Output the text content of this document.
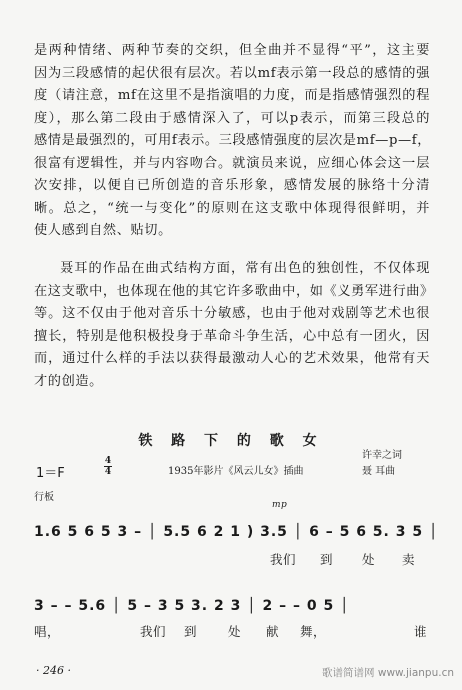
是两种情绪、两种节奏的交织，但全曲并不显得“平”，这主要
因为三段感情的起伏很有层次。若以mf表示第一段总的感情的强
度（请注意，mf在这里不是指演唱的力度，而是指感情强烈的程
度），那么第二段由于感情深入了，可以p表示，而第三段总的
感情是最强烈的，可用f表示。三段感情强度的层次是mf—p—f，
很富有逻辑性，并与内容吻合。就演员来说，应细心体会这一层
次安排，以便自已所创造的音乐形象，感情发展的脉络十分清
晰。总之，“统一与变化”的原则在这支歌中体现得很鲜明，并
使人感到自然、贴切。
聂耳的作品在曲式结构方面，常有出色的独创性，不仅体现
在这支歌中，也体现在他的其它许多歌曲中，如《义勇军进行曲》
等。这不仅由于他对音乐十分敏感，也由于他对戏剧等艺术也很
擅长，特别是他积极投身于革命斗争生活，心中总有一团火，因
而，通过什么样的手法以获得最激动人心的艺术效果，他常有天
才的创造。
铁 路 下 的 歌 女
1＝F
4
4	1935年影片《风云儿女》插曲
许幸之词
聂 耳曲
行板
mp
1.6 5 6 5 3 – │ 5.5 6 2 1 ) 3.5 │ 6 – 5 6 5. 3 5 │
我们 到 处 卖
3 – – 5.6 │ 5 – 3 5 3. 2 3 │ 2 – – 0 5 │
唱，	我们 到 处 献 舞，	谁
· 246 ·	歌谱简谱网 www.jianpu.cn
